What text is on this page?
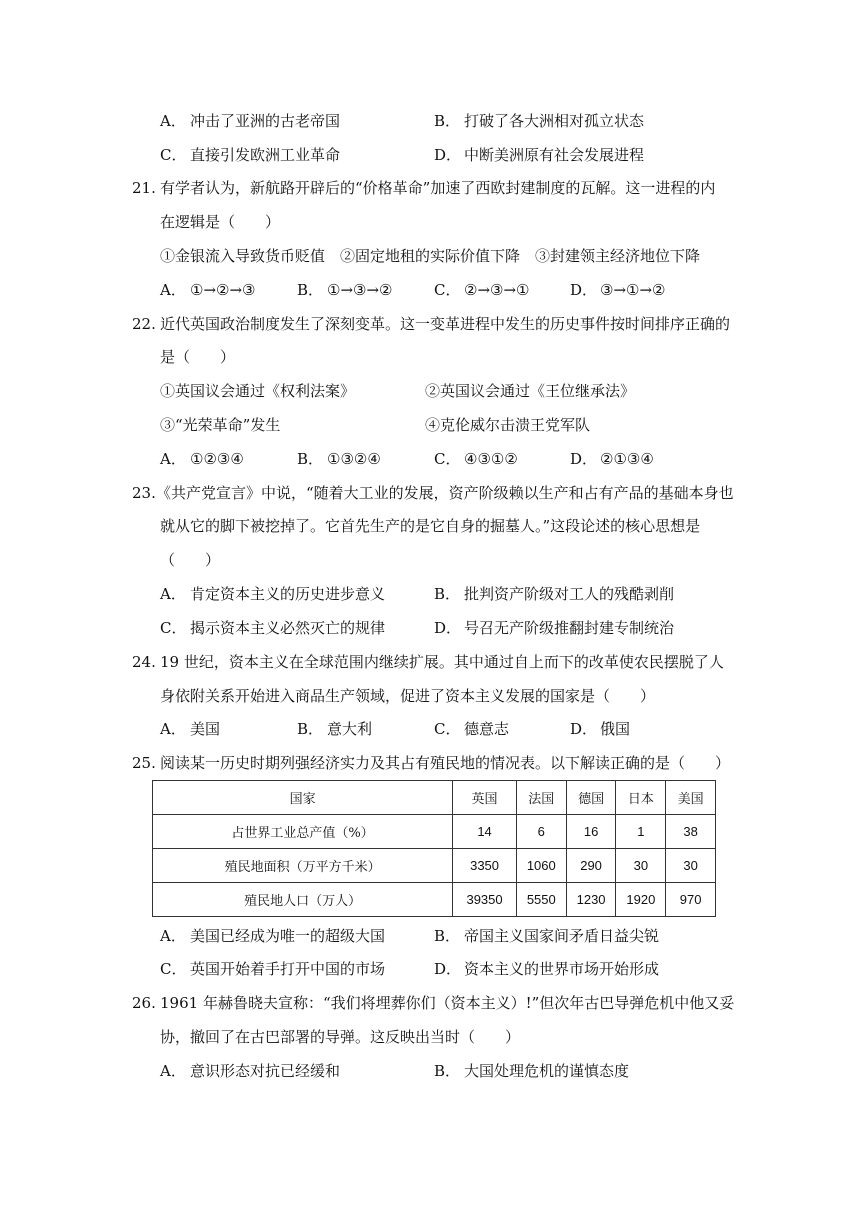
A． 冲击了亚洲的古老帝国	B． 打破了各大洲相对孤立状态
C． 直接引发欧洲工业革命	D． 中断美洲原有社会发展进程
21. 有学者认为，新航路开辟后的“价格革命”加速了西欧封建制度的瓦解。这一进程的内
在逻辑是（　　）
①金银流入导致货币贬值　②固定地租的实际价值下降　③封建领主经济地位下降
A． ①→②→③	B． ①→③→②	C． ②→③→①	D． ③→①→②
22. 近代英国政治制度发生了深刻变革。这一变革进程中发生的历史事件按时间排序正确的
是（　　）
①英国议会通过《权利法案》	②英国议会通过《王位继承法》
③“光荣革命”发生	④克伦威尔击溃王党军队
A． ①②③④	B． ①③②④	C． ④③①②	D． ②①③④
23. 《共产党宣言》中说，“随着大工业的发展，资产阶级赖以生产和占有产品的基础本身也
就从它的脚下被挖掉了。它首先生产的是它自身的掘墓人。”这段论述的核心思想是
（　　）
A． 肯定资本主义的历史进步意义	B． 批判资产阶级对工人的残酷剥削
C． 揭示资本主义必然灭亡的规律	D． 号召无产阶级推翻封建专制统治
24. 19 世纪，资本主义在全球范围内继续扩展。其中通过自上而下的改革使农民摆脱了人
身依附关系开始进入商品生产领域，促进了资本主义发展的国家是（　　）
A． 美国	B． 意大利	C． 德意志	D． 俄国
25. 阅读某一历史时期列强经济实力及其占有殖民地的情况表。以下解读正确的是（　　）
国家	英国	法国	德国	日本	美国
占世界工业总产值（%）	14	6	16	1	38
殖民地面积（万平方千米）	3350	1060	290	30	30
殖民地人口（万人）	39350	5550	1230	1920	970
A． 美国已经成为唯一的超级大国	B． 帝国主义国家间矛盾日益尖锐
C． 英国开始着手打开中国的市场	D． 资本主义的世界市场开始形成
26. 1961 年赫鲁晓夫宣称：“我们将埋葬你们（资本主义）!”但次年古巴导弹危机中他又妥
协，撤回了在古巴部署的导弹。这反映出当时（　　）
A． 意识形态对抗已经缓和	B． 大国处理危机的谨慎态度
